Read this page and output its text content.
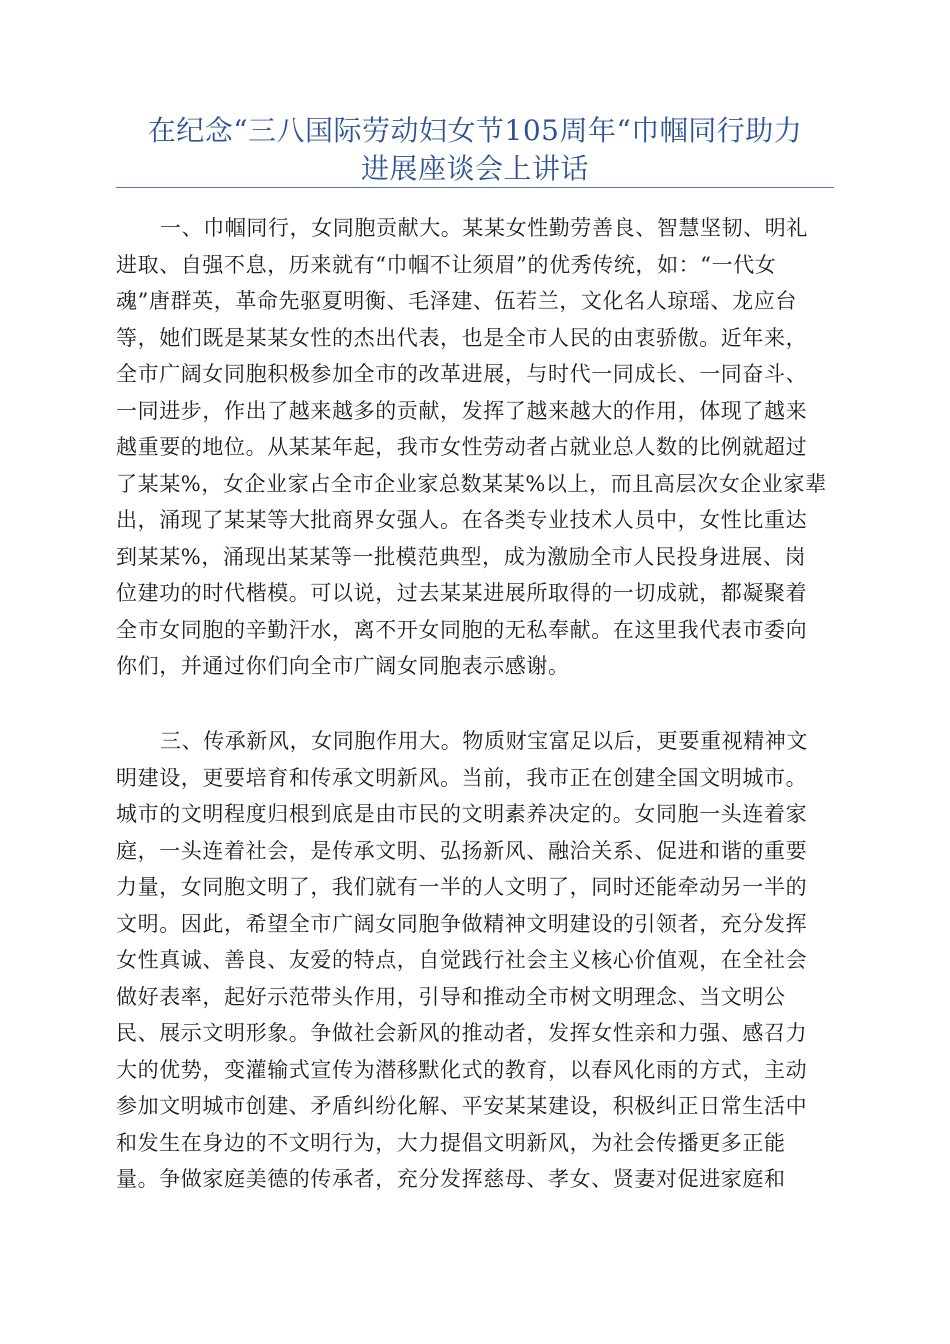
在纪念“三八国际劳动妇女节105周年“巾帼同行助力
进展座谈会上讲话
一、巾帼同行，女同胞贡献大。某某女性勤劳善良、智慧坚韧、明礼
进取、自强不息，历来就有“巾帼不让须眉”的优秀传统，如：“一代女
魂”唐群英，革命先驱夏明衡、毛泽建、伍若兰，文化名人琼瑶、龙应台
等，她们既是某某女性的杰出代表，也是全市人民的由衷骄傲。近年来，
全市广阔女同胞积极参加全市的改革进展，与时代一同成长、一同奋斗、
一同进步，作出了越来越多的贡献，发挥了越来越大的作用，体现了越来
越重要的地位。从某某年起，我市女性劳动者占就业总人数的比例就超过
了某某%，女企业家占全市企业家总数某某%以上，而且高层次女企业家辈
出，涌现了某某等大批商界女强人。在各类专业技术人员中，女性比重达
到某某%，涌现出某某等一批模范典型，成为激励全市人民投身进展、岗
位建功的时代楷模。可以说，过去某某进展所取得的一切成就，都凝聚着
全市女同胞的辛勤汗水，离不开女同胞的无私奉献。在这里我代表市委向
你们，并通过你们向全市广阔女同胞表示感谢。
三、传承新风，女同胞作用大。物质财宝富足以后，更要重视精神文
明建设，更要培育和传承文明新风。当前，我市正在创建全国文明城市。
城市的文明程度归根到底是由市民的文明素养决定的。女同胞一头连着家
庭，一头连着社会，是传承文明、弘扬新风、融洽关系、促进和谐的重要
力量，女同胞文明了，我们就有一半的人文明了，同时还能牵动另一半的
文明。因此，希望全市广阔女同胞争做精神文明建设的引领者，充分发挥
女性真诚、善良、友爱的特点，自觉践行社会主义核心价值观，在全社会
做好表率，起好示范带头作用，引导和推动全市树文明理念、当文明公
民、展示文明形象。争做社会新风的推动者，发挥女性亲和力强、感召力
大的优势，变灌输式宣传为潜移默化式的教育，以春风化雨的方式，主动
参加文明城市创建、矛盾纠纷化解、平安某某建设，积极纠正日常生活中
和发生在身边的不文明行为，大力提倡文明新风，为社会传播更多正能
量。争做家庭美德的传承者，充分发挥慈母、孝女、贤妻对促进家庭和
